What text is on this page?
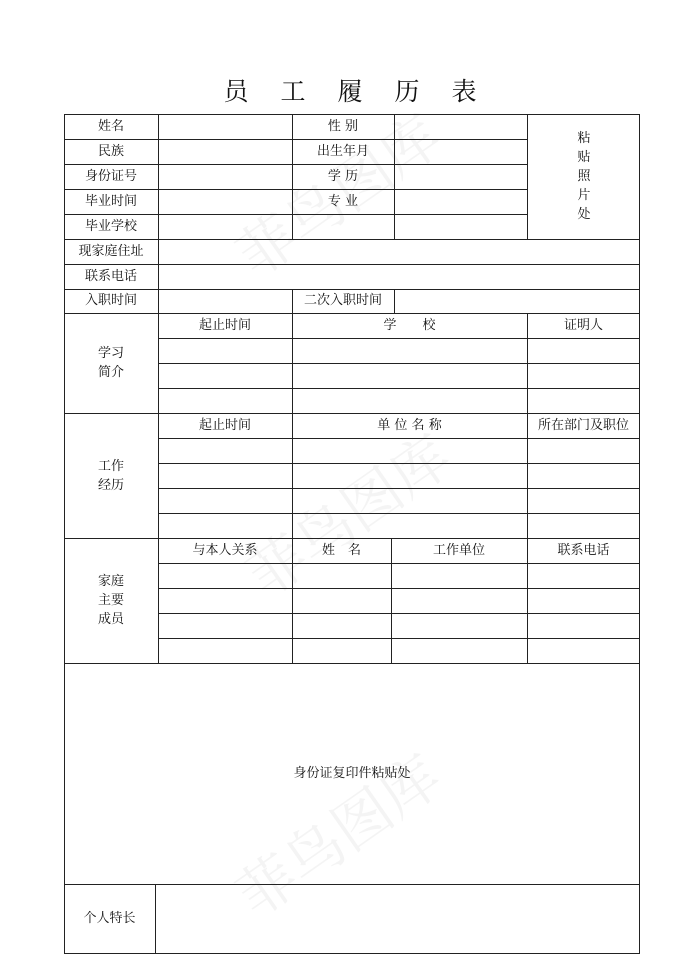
员 工 履 历 表
姓名	性 别
民族	出生年月
身份证号	学 历
毕业时间	专 业
毕业学校
粘
贴
照
片
处
现家庭住址
联系电话
入职时间	二次入职时间
学习
简介
起止时间	学　　校	证明人
工作
经历
起止时间	单 位 名 称	所在部门及职位
家庭
主要
成员
与本人关系	姓　名	工作单位	联系电话
身份证复印件粘贴处
个人特长
